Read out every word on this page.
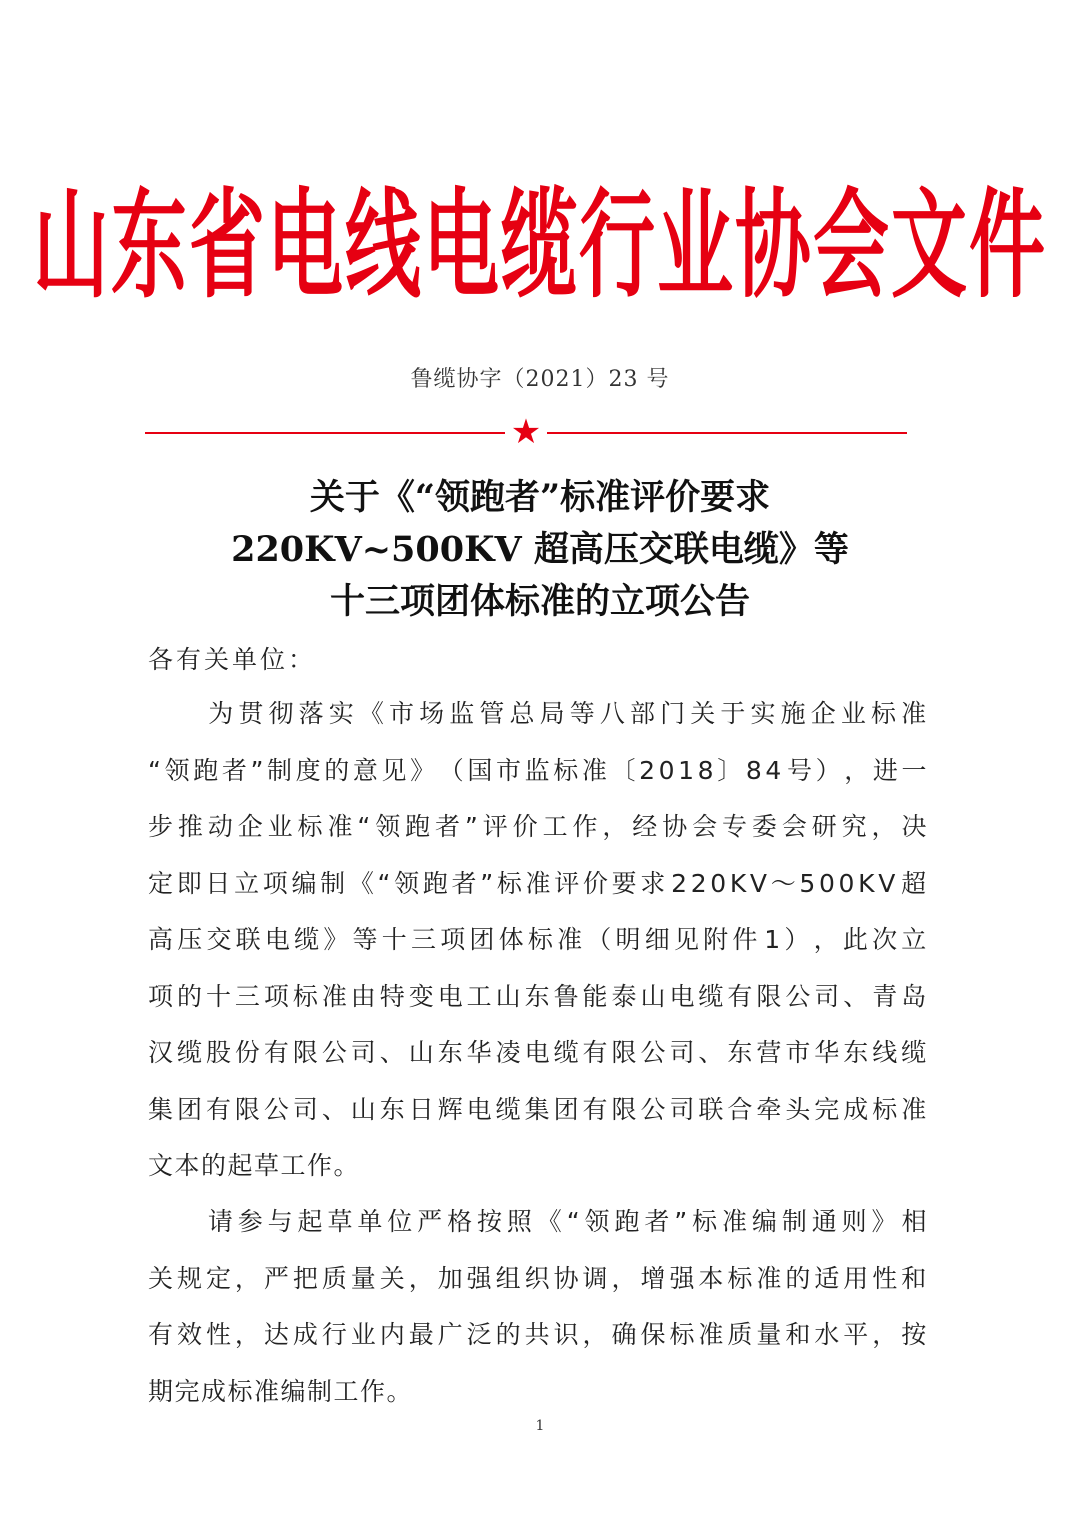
山东省电线电缆行业协会文件
鲁缆协字（2021）23 号
★
关于《“领跑者”标准评价要求
220KV~500KV 超高压交联电缆》等
十三项团体标准的立项公告
各有关单位：

为 贯 彻 落 实 《 市 场 监 管 总 局 等 八 部 门 关 于 实 施 企 业 标 准
“ 领 跑 者 ” 制 度 的 意 见 》 （ 国 市 监 标 准 〔 2 0 1 8 〕 8 4 号 ） ， 进 一
步 推 动 企 业 标 准 “ 领 跑 者 ” 评 价 工 作 ， 经 协 会 专 委 会 研 究 ， 决
定 即 日 立 项 编 制 《 “ 领 跑 者 ” 标 准 评 价 要 求 2 2 0 K V ～ 5 0 0 K V 超
高 压 交 联 电 缆 》 等 十 三 项 团 体 标 准 （ 明 细 见 附 件 1 ） ， 此 次 立
项 的 十 三 项 标 准 由 特 变 电 工 山 东 鲁 能 泰 山 电 缆 有 限 公 司 、 青 岛
汉 缆 股 份 有 限 公 司 、 山 东 华 凌 电 缆 有 限 公 司 、 东 营 市 华 东 线 缆
集 团 有 限 公 司 、 山 东 日 辉 电 缆 集 团 有 限 公 司 联 合 牵 头 完 成 标 准
文本的起草工作。

请 参 与 起 草 单 位 严 格 按 照 《 “ 领 跑 者 ” 标 准 编 制 通 则 》 相
关 规 定 ， 严 把 质 量 关 ， 加 强 组 织 协 调 ， 增 强 本 标 准 的 适 用 性 和
有 效 性 ， 达 成 行 业 内 最 广 泛 的 共 识 ， 确 保 标 准 质 量 和 水 平 ， 按
期完成标准编制工作。
1
